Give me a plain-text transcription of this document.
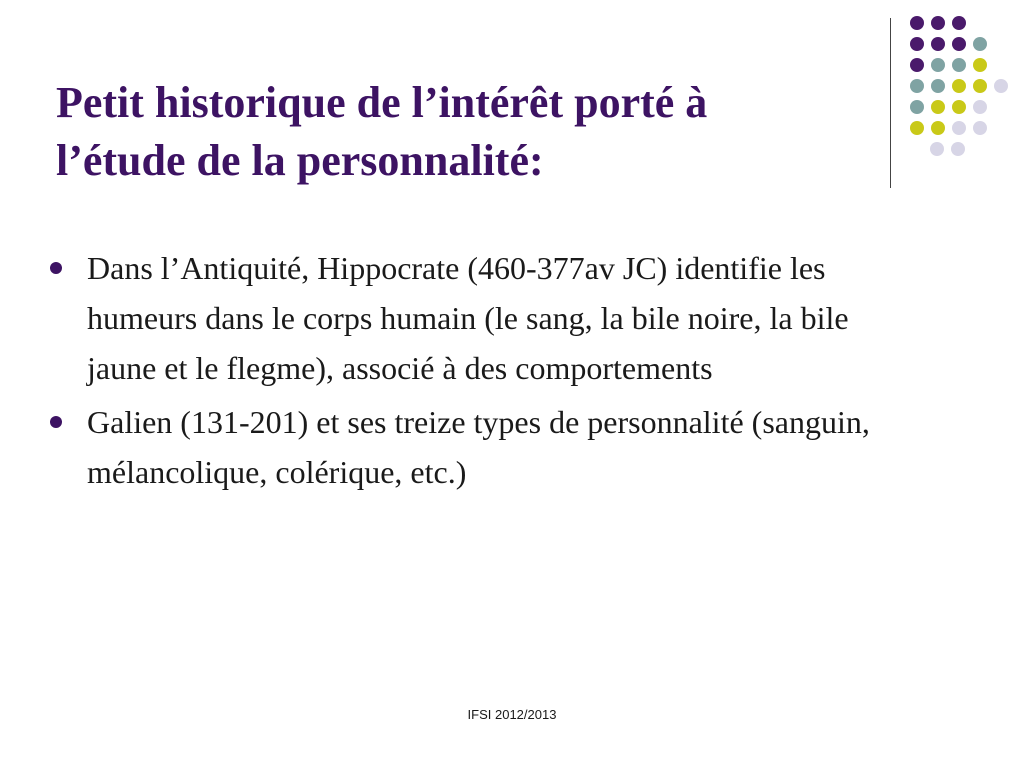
Petit historique de l’intérêt porté à
l’étude de la personnalité:
Dans l’Antiquité, Hippocrate (460-377av JC) identifie les humeurs dans le corps humain (le sang, la bile noire, la bile jaune et le flegme), associé à des comportements
Galien (131-201) et ses treize types de personnalité (sanguin, mélancolique, colérique, etc.)
IFSI 2012/2013
